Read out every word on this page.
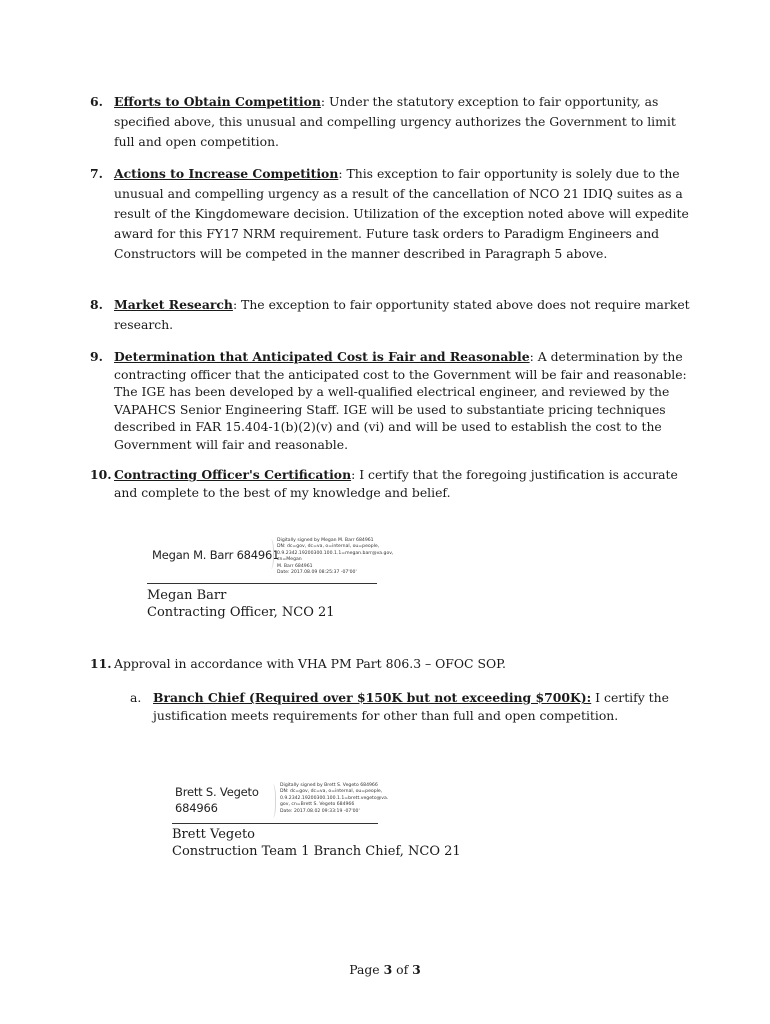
6. Efforts to Obtain Competition: Under the statutory exception to fair opportunity, as specified above, this unusual and compelling urgency authorizes the Government to limit full and open competition.

7. Actions to Increase Competition: This exception to fair opportunity is solely due to the unusual and compelling urgency as a result of the cancellation of NCO 21 IDIQ suites as a result of the Kingdomeware decision. Utilization of the exception noted above will expedite award for this FY17 NRM requirement. Future task orders to Paradigm Engineers and Constructors will be competed in the manner described in Paragraph 5 above.

8. Market Research: The exception to fair opportunity stated above does not require market research.

9. Determination that Anticipated Cost is Fair and Reasonable: A determination by the contracting officer that the anticipated cost to the Government will be fair and reasonable: The IGE has been developed by a well-qualified electrical engineer, and reviewed by the VAPAHCS Senior Engineering Staff. IGE will be used to substantiate pricing techniques described in FAR 15.404-1(b)(2)(v) and (vi) and will be used to establish the cost to the Government will fair and reasonable.

10. Contracting Officer's Certification: I certify that the foregoing justification is accurate and complete to the best of my knowledge and belief.

Megan M. Barr 684961
Digitally signed by Megan M. Barr 684961
DN: dc=gov, dc=va, o=internal, ou=people,
0.9.2342.19200300.100.1.1=megan.barr@va.gov, cn=Megan
M. Barr 684961
Date: 2017.08.09 08:25:37 -07'00'
Megan Barr
Contracting Officer, NCO 21
11. Approval in accordance with VHA PM Part 806.3 – OFOC SOP.

a. Branch Chief (Required over $150K but not exceeding $700K): I certify the justification meets requirements for other than full and open competition.

Brett S. Vegeto
684966
Digitally signed by Brett S. Vegeto 684966
DN: dc=gov, dc=va, o=internal, ou=people,
0.9.2342.19200300.100.1.1=brett.vegeto@va.
gov, cn=Brett S. Vegeto 684966
Date: 2017.08.02 09:33:19 -07'00'
Brett Vegeto
Construction Team 1 Branch Chief, NCO 21
Page 3 of 3
